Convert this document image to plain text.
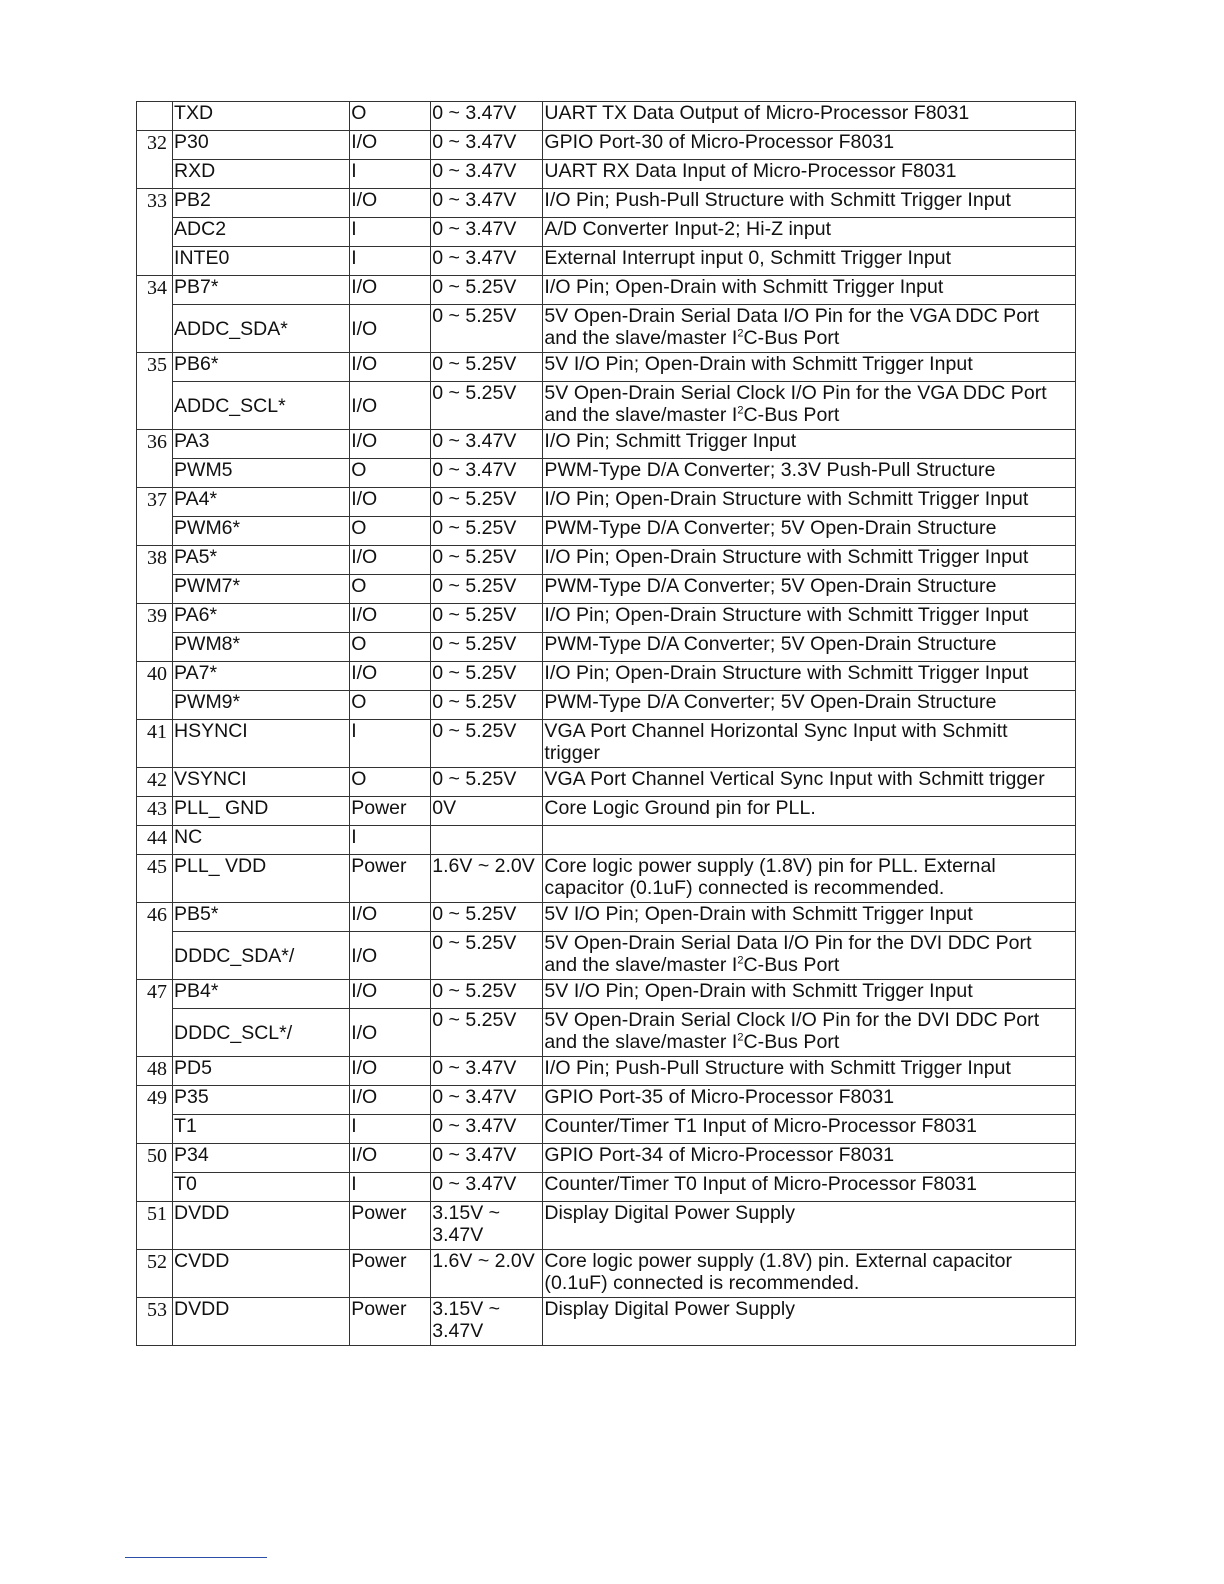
	TXD	O	0 ~ 3.47V	UART TX Data Output of Micro-Processor F8031
32	P30	I/O	0 ~ 3.47V	GPIO Port-30 of Micro-Processor F8031
	RXD	I	0 ~ 3.47V	UART RX Data Input of Micro-Processor F8031
33	PB2	I/O	0 ~ 3.47V	I/O Pin; Push-Pull Structure with Schmitt Trigger Input
	ADC2	I	0 ~ 3.47V	A/D Converter Input-2; Hi-Z input
	INTE0	I	0 ~ 3.47V	External Interrupt input 0, Schmitt Trigger Input
34	PB7*	I/O	0 ~ 5.25V	I/O Pin; Open-Drain with Schmitt Trigger Input
	ADDC_SDA*	I/O	0 ~ 5.25V	5V Open-Drain Serial Data I/O Pin for the VGA DDC Port
and the slave/master $I^2C$-Bus Port
35	PB6*	I/O	0 ~ 5.25V	5V I/O Pin; Open-Drain with Schmitt Trigger Input
	ADDC_SCL*	I/O	0 ~ 5.25V	5V Open-Drain Serial Clock I/O Pin for the VGA DDC Port
and the slave/master $I^2C$-Bus Port
36	PA3	I/O	0 ~ 3.47V	I/O Pin; Schmitt Trigger Input
	PWM5	O	0 ~ 3.47V	PWM-Type D/A Converter; 3.3V Push-Pull Structure
37	PA4*	I/O	0 ~ 5.25V	I/O Pin; Open-Drain Structure with Schmitt Trigger Input
	PWM6*	O	0 ~ 5.25V	PWM-Type D/A Converter; 5V Open-Drain Structure
38	PA5*	I/O	0 ~ 5.25V	I/O Pin; Open-Drain Structure with Schmitt Trigger Input
	PWM7*	O	0 ~ 5.25V	PWM-Type D/A Converter; 5V Open-Drain Structure
39	PA6*	I/O	0 ~ 5.25V	I/O Pin; Open-Drain Structure with Schmitt Trigger Input
	PWM8*	O	0 ~ 5.25V	PWM-Type D/A Converter; 5V Open-Drain Structure
40	PA7*	I/O	0 ~ 5.25V	I/O Pin; Open-Drain Structure with Schmitt Trigger Input
	PWM9*	O	0 ~ 5.25V	PWM-Type D/A Converter; 5V Open-Drain Structure
41	HSYNCI	I	0 ~ 5.25V	VGA Port Channel Horizontal Sync Input with Schmitt
trigger
42	VSYNCI	O	0 ~ 5.25V	VGA Port Channel Vertical Sync Input with Schmitt trigger
43	PLL_ GND	Power	0V	Core Logic Ground pin for PLL.
44	NC	I		
45	PLL_ VDD	Power	1.6V ~ 2.0V	Core logic power supply (1.8V) pin for PLL. External
capacitor (0.1uF) connected is recommended.
46	PB5*	I/O	0 ~ 5.25V	5V I/O Pin; Open-Drain with Schmitt Trigger Input
	DDDC_SDA*/	I/O	0 ~ 5.25V	5V Open-Drain Serial Data I/O Pin for the DVI DDC Port
and the slave/master $I^2C$-Bus Port
47	PB4*	I/O	0 ~ 5.25V	5V I/O Pin; Open-Drain with Schmitt Trigger Input
	DDDC_SCL*/	I/O	0 ~ 5.25V	5V Open-Drain Serial Clock I/O Pin for the DVI DDC Port
and the slave/master $I^2C$-Bus Port
48	PD5	I/O	0 ~ 3.47V	I/O Pin; Push-Pull Structure with Schmitt Trigger Input
49	P35	I/O	0 ~ 3.47V	GPIO Port-35 of Micro-Processor F8031
	T1	I	0 ~ 3.47V	Counter/Timer T1 Input of Micro-Processor F8031
50	P34	I/O	0 ~ 3.47V	GPIO Port-34 of Micro-Processor F8031
	T0	I	0 ~ 3.47V	Counter/Timer T0 Input of Micro-Processor F8031
51	DVDD	Power	3.15V ~
3.47V	Display Digital Power Supply
52	CVDD	Power	1.6V ~ 2.0V	Core logic power supply (1.8V) pin. External capacitor
(0.1uF) connected is recommended.
53	DVDD	Power	3.15V ~
3.47V	Display Digital Power Supply
